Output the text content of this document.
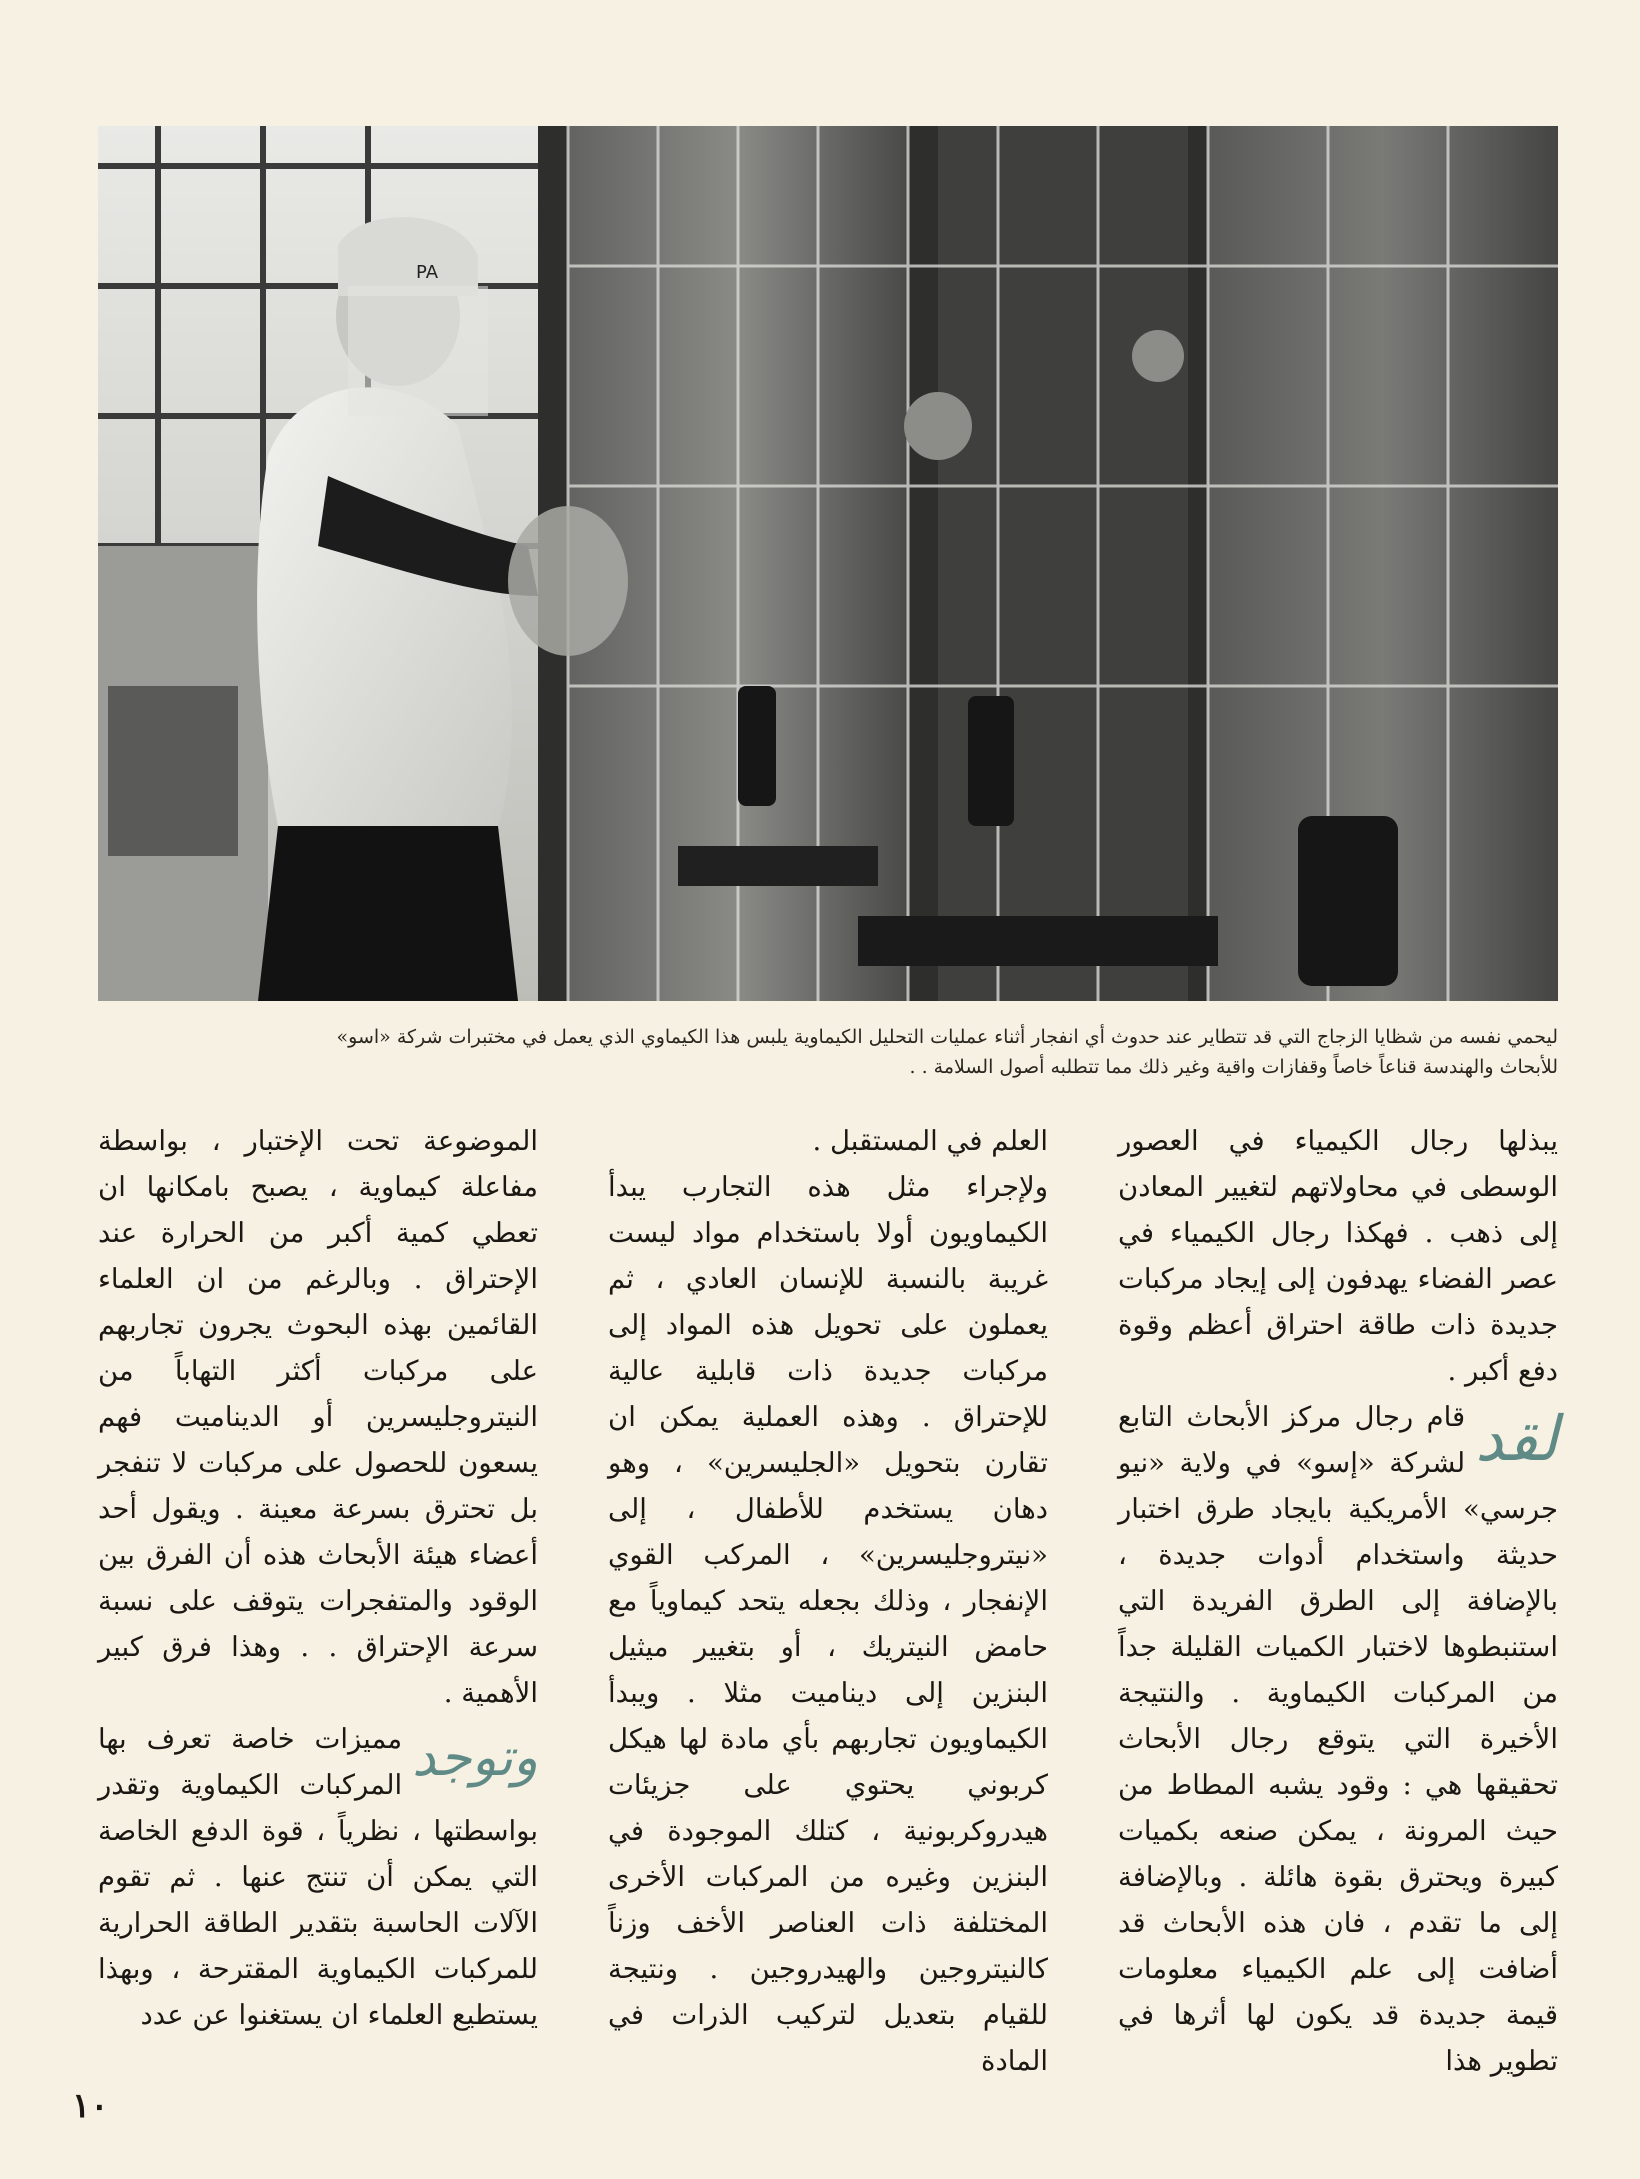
PA

ليحمي نفسه من شظايا الزجاج التي قد تتطاير عند حدوث أي انفجار أثناء عمليات التحليل الكيماوية يلبس هذا الكيماوي الذي يعمل في مختبرات شركة «اسو»

للأبحاث والهندسة قناعاً خاصاً وقفازات واقية وغير ذلك مما تتطلبه أصول السلامة . .

يبذلها رجال الكيمياء في العصور الوسطى في محاولاتهم لتغيير المعادن إلى ذهب . فهكذا رجال الكيمياء في عصر الفضاء يهدفون إلى إيجاد مركبات جديدة ذات طاقة احتراق أعظم وقوة دفع أكبر .

لقد
قام رجال مركز الأبحاث التابع لشركة «إسو» في ولاية «نيو جرسي» الأمريكية بايجاد طرق اختبار حديثة واستخدام أدوات جديدة ، بالإضافة إلى الطرق الفريدة التي استنبطوها لاختبار الكميات القليلة جداً من المركبات الكيماوية . والنتيجة الأخيرة التي يتوقع رجال الأبحاث تحقيقها هي : وقود يشبه المطاط من حيث المرونة ، يمكن صنعه بكميات كبيرة ويحترق بقوة هائلة . وبالإضافة إلى ما تقدم ، فان هذه الأبحاث قد أضافت إلى علم الكيمياء معلومات قيمة جديدة قد يكون لها أثرها في تطوير هذا

العلم في المستقبل .

ولإجراء مثل هذه التجارب يبدأ الكيماويون أولا باستخدام مواد ليست غريبة بالنسبة للإنسان العادي ، ثم يعملون على تحويل هذه المواد إلى مركبات جديدة ذات قابلية عالية للإحتراق . وهذه العملية يمكن ان تقارن بتحويل «الجليسرين» ، وهو دهان يستخدم للأطفال ، إلى «نيتروجليسرين» ، المركب القوي الإنفجار ، وذلك بجعله يتحد كيماوياً مع حامض النيتريك ، أو بتغيير ميثيل البنزين إلى ديناميت مثلا . ويبدأ الكيماويون تجاربهم بأي مادة لها هيكل كربوني يحتوي على جزيئات هيدروكربونية ، كتلك الموجودة في البنزين وغيره من المركبات الأخرى المختلفة ذات العناصر الأخف وزناً كالنيتروجين والهيدروجين . ونتيجة للقيام بتعديل لتركيب الذرات في المادة

الموضوعة تحت الإختبار ، بواسطة مفاعلة كيماوية ، يصبح بامكانها ان تعطي كمية أكبر من الحرارة عند الإحتراق . وبالرغم من ان العلماء القائمين بهذه البحوث يجرون تجاربهم على مركبات أكثر التهاباً من النيتروجليسرين أو الديناميت فهم يسعون للحصول على مركبات لا تنفجر بل تحترق بسرعة معينة . ويقول أحد أعضاء هيئة الأبحاث هذه أن الفرق بين الوقود والمتفجرات يتوقف على نسبة سرعة الإحتراق . . وهذا فرق كبير الأهمية .

وتوجد
مميزات خاصة تعرف بها المركبات الكيماوية وتقدر بواسطتها ، نظرياً ، قوة الدفع الخاصة التي يمكن أن تنتج عنها . ثم تقوم الآلات الحاسبة بتقدير الطاقة الحرارية للمركبات الكيماوية المقترحة ، وبهذا يستطيع العلماء ان يستغنوا عن عدد

١٠
